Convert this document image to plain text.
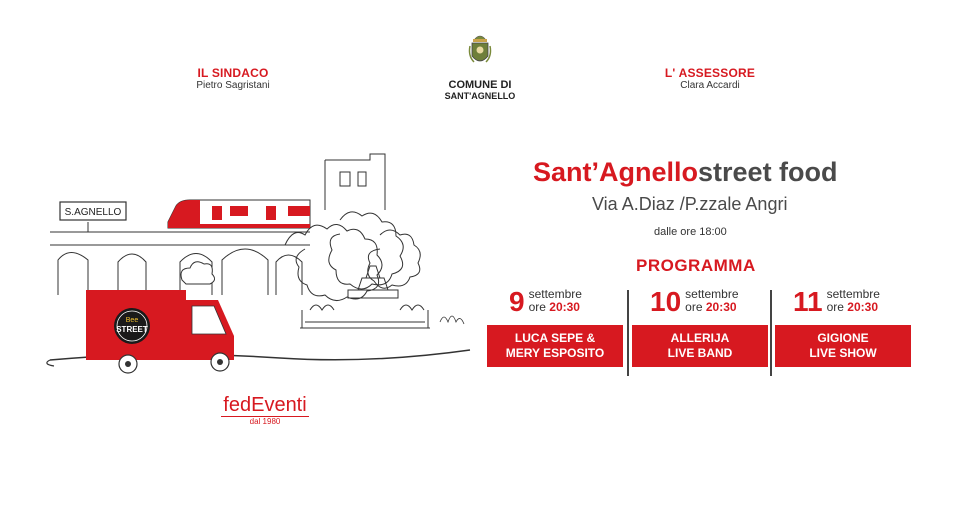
IL SINDACO
Pietro Sagristani	COMUNE DI
SANT'AGNELLO
L' ASSESSORE
Clara Accardi
S.AGNELLO
Bee
STREET
fedEventi
dal 1980
Sant’Agnellostreet food
Via A.Diaz /P.zzale Angri
dalle ore 18:00
PROGRAMMA
9 settembre
ore 20:30
LUCA SEPE &
MERY ESPOSITO
10 settembre
ore 20:30
ALLERIJA
LIVE BAND
11 settembre
ore 20:30
GIGIONE
LIVE SHOW
